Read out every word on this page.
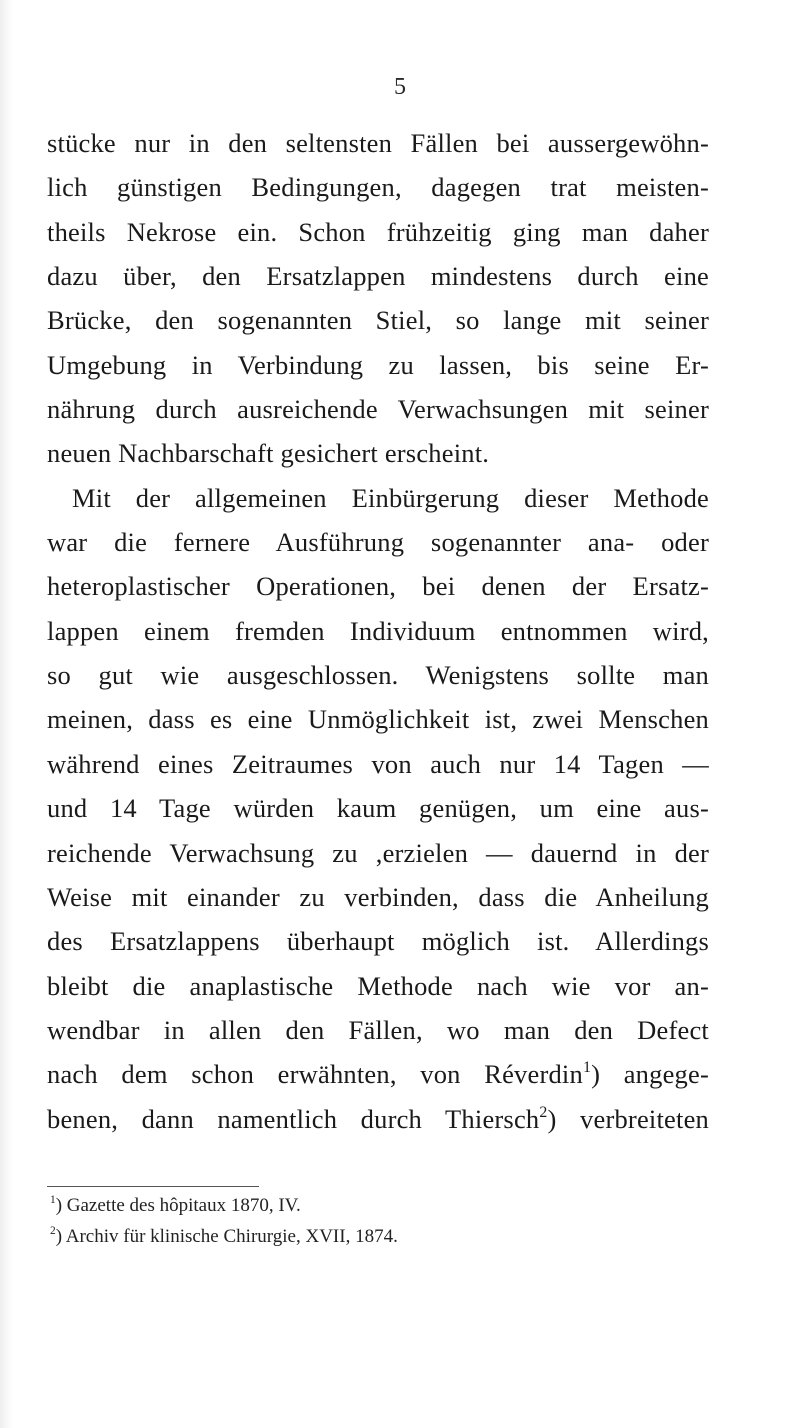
5
stücke nur in den seltensten Fällen bei aussergewöhn-
lich günstigen Bedingungen, dagegen trat meisten-
theils Nekrose ein. Schon frühzeitig ging man daher
dazu über, den Ersatzlappen mindestens durch eine
Brücke, den sogenannten Stiel, so lange mit seiner
Umgebung in Verbindung zu lassen, bis seine Er-
nährung durch ausreichende Verwachsungen mit seiner
neuen Nachbarschaft gesichert erscheint.
Mit der allgemeinen Einbürgerung dieser Methode
war die fernere Ausführung sogenannter ana- oder
heteroplastischer Operationen, bei denen der Ersatz-
lappen einem fremden Individuum entnommen wird,
so gut wie ausgeschlossen. Wenigstens sollte man
meinen, dass es eine Unmöglichkeit ist, zwei Menschen
während eines Zeitraumes von auch nur 14 Tagen —
und 14 Tage würden kaum genügen, um eine aus-
reichende Verwachsung zu ,erzielen — dauernd in der
Weise mit einander zu verbinden, dass die Anheilung
des Ersatzlappens überhaupt möglich ist. Allerdings
bleibt die anaplastische Methode nach wie vor an-
wendbar in allen den Fällen, wo man den Defect
nach dem schon erwähnten, von Réverdin$^1$) angege-
benen, dann namentlich durch Thiersch$^2$) verbreiteten
$^1$) Gazette des hôpitaux 1870, IV.
$^2$) Archiv für klinische Chirurgie, XVII, 1874.
